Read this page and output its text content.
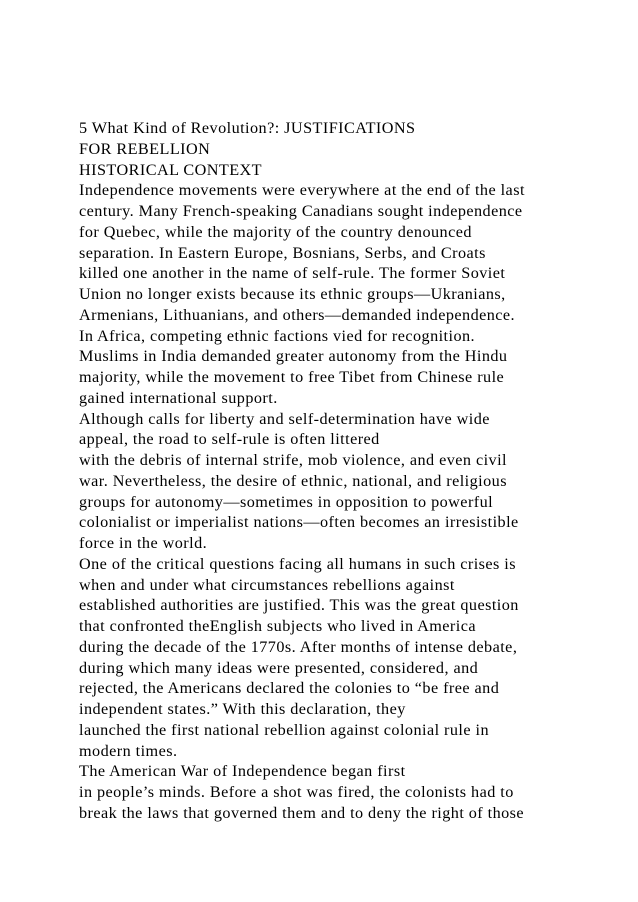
5 What Kind of Revolution?: JUSTIFICATIONS
FOR REBELLION
HISTORICAL CONTEXT
Independence movements were everywhere at the end of the last
century. Many French-speaking Canadians sought independence
for Quebec, while the majority of the country denounced
separation. In Eastern Europe, Bosnians, Serbs, and Croats
killed one another in the name of self-rule. The former Soviet
Union no longer exists because its ethnic groups—Ukranians,
Armenians, Lithuanians, and others—demanded independence.
In Africa, competing ethnic factions vied for recognition.
Muslims in India demanded greater autonomy from the Hindu
majority, while the movement to free Tibet from Chinese rule
gained international support.
Although calls for liberty and self-determination have wide
appeal, the road to self-rule is often littered
with the debris of internal strife, mob violence, and even civil
war. Nevertheless, the desire of ethnic, national, and religious
groups for autonomy—sometimes in opposition to powerful
colonialist or imperialist nations—often becomes an irresistible
force in the world.
One of the critical questions facing all humans in such crises is
when and under what circumstances rebellions against
established authorities are justified. This was the great question
that confronted theEnglish subjects who lived in America
during the decade of the 1770s. After months of intense debate,
during which many ideas were presented, considered, and
rejected, the Americans declared the colonies to “be free and
independent states.” With this declaration, they
launched the first national rebellion against colonial rule in
modern times.
The American War of Independence began first
in people’s minds. Before a shot was fired, the colonists had to
break the laws that governed them and to deny the right of those
